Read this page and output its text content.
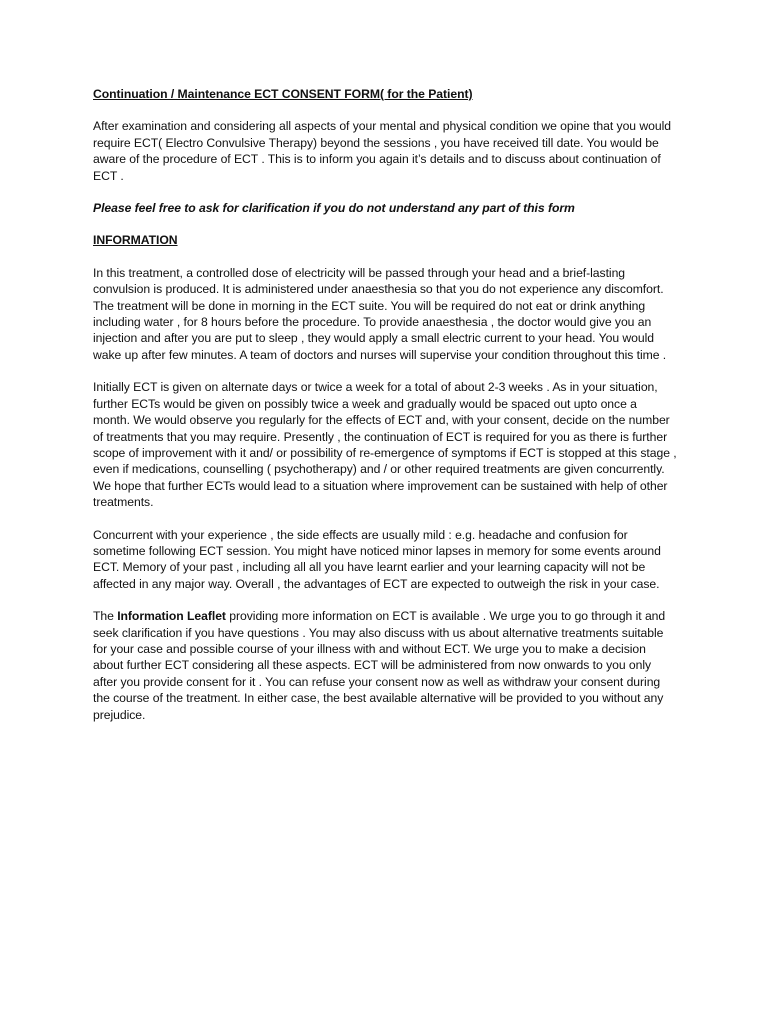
Continuation / Maintenance ECT CONSENT FORM( for the Patient)
After examination and considering all aspects of your mental and physical condition we opine that you would require ECT( Electro Convulsive Therapy) beyond the sessions , you have received till date. You would be aware of the procedure of ECT . This is to inform you again it’s details and to discuss about continuation of ECT .
Please feel free to ask for clarification if you do not understand any part of this form
INFORMATION
In this treatment, a controlled dose of electricity will be passed through your head and a brief-lasting convulsion is produced. It is administered under anaesthesia so that you do not experience any discomfort. The treatment will be done in morning in the ECT suite. You will be required do not eat or drink anything including water , for 8 hours before the procedure. To provide anaesthesia , the doctor would give you an injection and after you are put to sleep , they would apply a small electric current to your head. You would wake up after few minutes. A team of doctors and nurses will supervise your condition throughout this time .
Initially ECT is given on alternate days or twice a week for a total of about 2-3 weeks . As in your situation, further ECTs would be given on possibly twice a week and gradually would be spaced out upto once a month. We would observe you regularly for the effects of ECT and, with your consent, decide on the number of treatments that you may require. Presently , the continuation of ECT is required for you as there is further scope of improvement with it and/ or possibility of re-emergence of symptoms if ECT is stopped at this stage , even if medications, counselling ( psychotherapy) and / or other required treatments are given concurrently. We hope that further ECTs would lead to a situation where improvement can be sustained with help of other treatments.
Concurrent with your experience , the side effects are usually mild : e.g. headache and confusion for sometime following ECT session. You might have noticed minor lapses in memory for some events around ECT. Memory of your past , including all all you have learnt earlier and your learning capacity will not be affected in any major way. Overall , the advantages of ECT are expected to outweigh the risk in your case.
The Information Leaflet providing more information on ECT is available . We urge you to go through it and seek clarification if you have questions . You may also discuss with us about alternative treatments suitable for your case and possible course of your illness with and without ECT. We urge you to make a decision about further ECT considering all these aspects. ECT will be administered from now onwards to you only after you provide consent for it . You can refuse your consent now as well as withdraw your consent during the course of the treatment. In either case, the best available alternative will be provided to you without any prejudice.
